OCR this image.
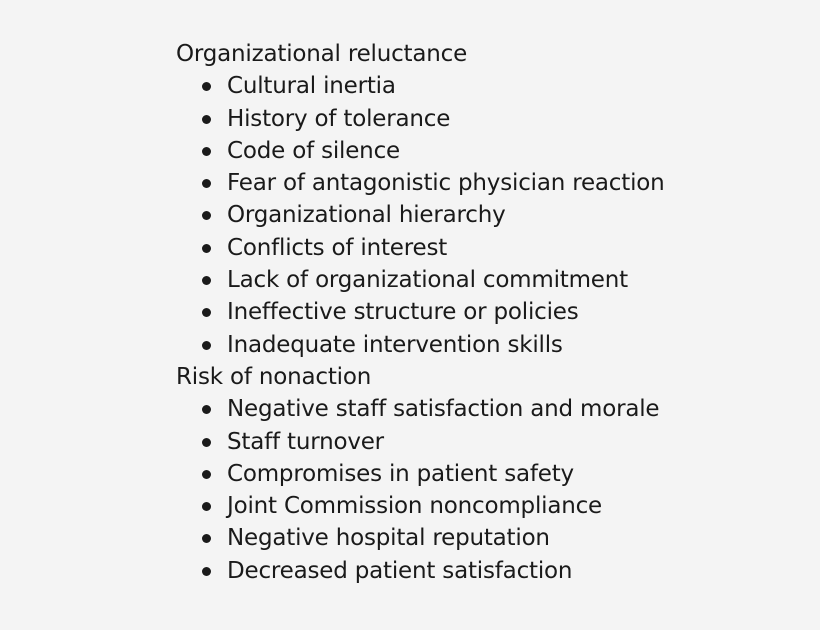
Organizational reluctance
Cultural inertia
History of tolerance
Code of silence
Fear of antagonistic physician reaction
Organizational hierarchy
Conflicts of interest
Lack of organizational commitment
Ineffective structure or policies
Inadequate intervention skills
Risk of nonaction
Negative staff satisfaction and morale
Staff turnover
Compromises in patient safety
Joint Commission noncompliance
Negative hospital reputation
Decreased patient satisfaction
